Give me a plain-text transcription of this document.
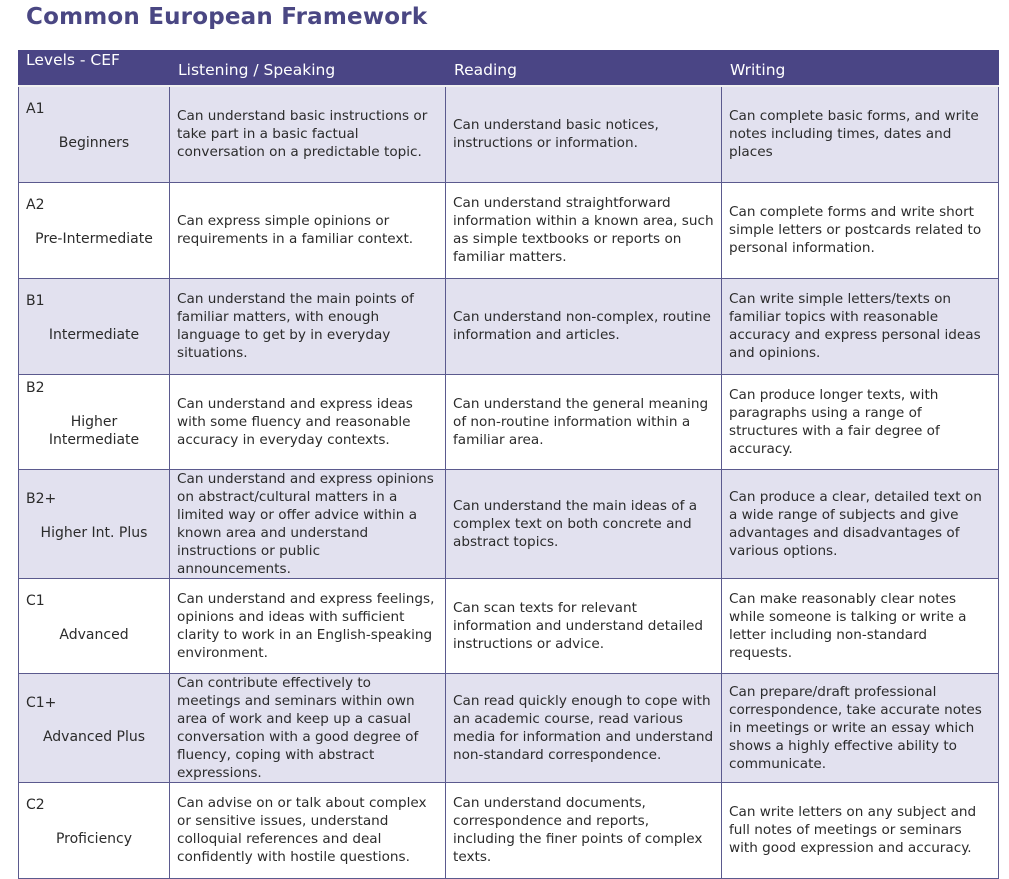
Common European Framework
Levels - CEF	Listening / Speaking	Reading	Writing

A1
Beginners	Can understand basic instructions or take part in a basic factual conversation on a predictable topic.	Can understand basic notices, instructions or information.	Can complete basic forms, and write notes including times, dates and places

A2
Pre-Intermediate	Can express simple opinions or requirements in a familiar context.	Can understand straightforward information within a known area, such as simple textbooks or reports on familiar matters.	Can complete forms and write short simple letters or postcards related to personal information.

B1
Intermediate	Can understand the main points of familiar matters, with enough language to get by in everyday situations.	Can understand non-complex, routine information and articles.	Can write simple letters/texts on familiar topics with reasonable accuracy and express personal ideas and opinions.

B2
Higher Intermediate	Can understand and express ideas with some fluency and reasonable accuracy in everyday contexts.	Can understand the general meaning of non-routine information within a familiar area.	Can produce longer texts, with paragraphs using a range of structures with a fair degree of accuracy.

B2+
Higher Int. Plus	Can understand and express opinions on abstract/cultural matters in a limited way or offer advice within a known area and understand instructions or public announcements.	Can understand the main ideas of a complex text on both concrete and abstract topics.	Can produce a clear, detailed text on a wide range of subjects and give advantages and disadvantages of various options.

C1
Advanced	Can understand and express feelings, opinions and ideas with sufficient clarity to work in an English-speaking environment.	Can scan texts for relevant information and understand detailed instructions or advice.	Can make reasonably clear notes while someone is talking or write a letter including non-standard requests.

C1+
Advanced Plus	Can contribute effectively to meetings and seminars within own area of work and keep up a casual conversation with a good degree of fluency, coping with abstract expressions.	Can read quickly enough to cope with an academic course, read various media for information and understand non-standard correspondence.	Can prepare/draft professional correspondence, take accurate notes in meetings or write an essay which shows a highly effective ability to communicate.

C2
Proficiency	Can advise on or talk about complex or sensitive issues, understand colloquial references and deal confidently with hostile questions.	Can understand documents, correspondence and reports, including the finer points of complex texts.	Can write letters on any subject and full notes of meetings or seminars with good expression and accuracy.
